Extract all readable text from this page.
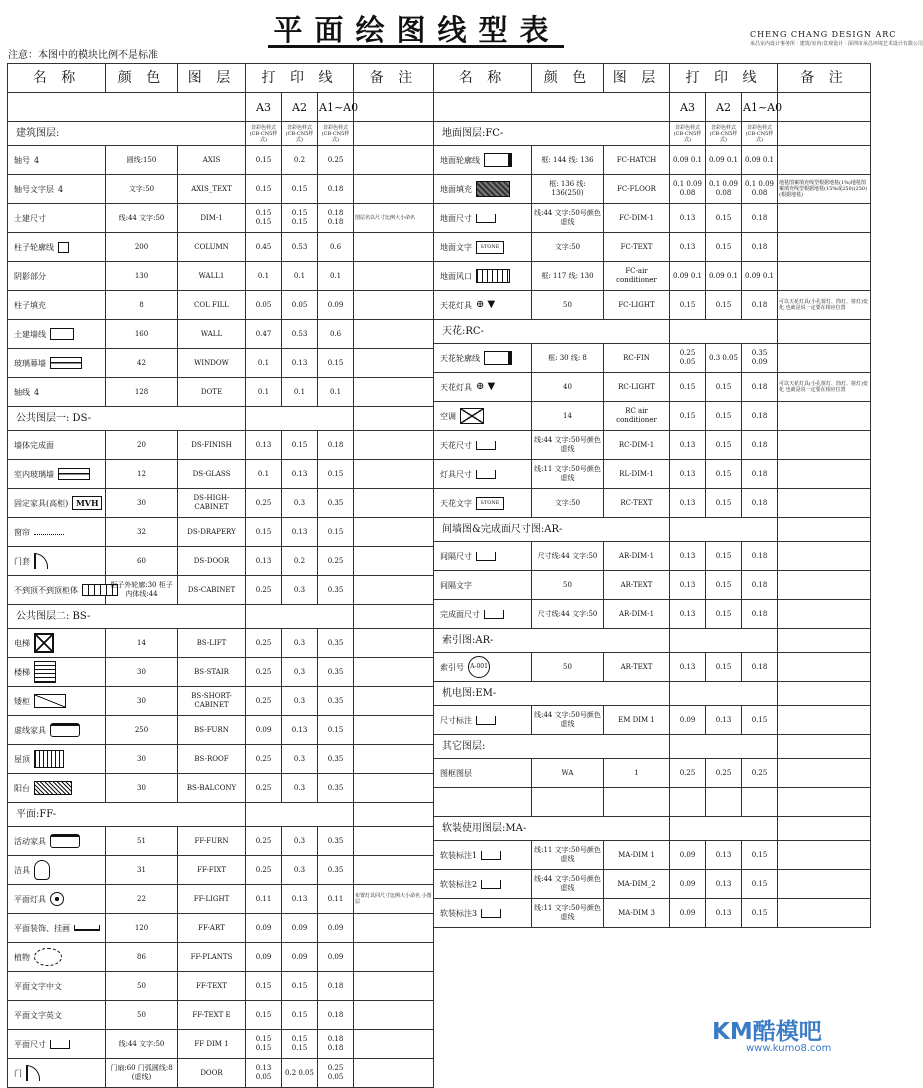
平面绘图线型表	CHENG CHANG DESIGN ARC
承昌室内设计事务所 · 建筑/室内/景观设计 · 深圳市承昌环境艺术设计有限公司
注意：本图中的模块比例不是标准
名 称	颜 色	图 层	打 印 线			备 注
			A3	A2	A1~A0	
建筑图层:			非彩色样式(CB-CN5样式)	非彩色样式(CB-CN5样式)	非彩色样式(CB-CN5样式)	

轴号 4	圆线:150	AXIS	0.15	0.2	0.25	

轴号文字层 4	文字:50	AXIS_TEXT	0.15	0.15	0.18	

土建尺寸	线:44 文字:50	DIM-1	0.15 0.15	0.15 0.15	0.18 0.18	图层名以尺寸比例大小命名

柱子轮廓线	200	COLUMN	0.45	0.53	0.6	

阴影部分	130	WALL1	0.1	0.1	0.1	

柱子填充	8	COL FILL	0.05	0.05	0.09	

土建墙线	160	WALL	0.47	0.53	0.6	

玻璃幕墙	42	WINDOW	0.1	0.13	0.15	

轴线 4	128	DOTE	0.1	0.1	0.1	
公共图层一: DS-						

墙体完成面	20	DS-FINISH	0.13	0.15	0.18	

室内玻璃墙	12	DS-GLASS	0.1	0.13	0.15	

固定家具(高柜) MVH	30	DS-HIGH-CABINET	0.25	0.3	0.35	

窗帘	32	DS-DRAPERY	0.15	0.13	0.15	

门套	60	DS-DOOR	0.13	0.2	0.25	

不到顶不到顶柜体	柜子外轮廓:30 柜子内体线:44	DS-CABINET	0.25	0.3	0.35	
公共图层二: BS-						

电梯	14	BS-LIFT	0.25	0.3	0.35	

楼梯	30	BS-STAIR	0.25	0.3	0.35	

矮柜	30	BS-SHORT-CABINET	0.25	0.3	0.35	

虚线家具	250	BS-FURN	0.09	0.13	0.15	

屋顶	30	BS-ROOF	0.25	0.3	0.35	

阳台	30	BS-BALCONY	0.25	0.3	0.35	
平面:FF-						

活动家具	51	FF-FURN	0.25	0.3	0.35	

洁具	31	FF-FIXT	0.25	0.3	0.35	

平面灯具	22	FF-LIGHT	0.11	0.13	0.11	布置灯具同尺寸比例大小命名 小图层

平面装饰、挂画	120	FF-ART	0.09	0.09	0.09	

植物	86	FF-PLANTS	0.09	0.09	0.09	

平面文字中文	50	FF-TEXT	0.15	0.15	0.18	

平面文字英文	50	FF-TEXT E	0.15	0.15	0.18	

平面尺寸	线:44 文字:50	FF DIM 1	0.15 0.15	0.15 0.15	0.18 0.18	

门	门扇:60 门弧圆线:8 (虚线)	DOOR	0.13 0.05	0.2 0.05	0.25 0.05	
名 称	颜 色	图 层	打 印 线			备 注
			A3	A2	A1~A0	
地面图层:FC-			非彩色样式(CB-CN5样式)	非彩色样式(CB-CN5样式)	非彩色样式(CB-CN5样式)	

地面轮廓线	框: 144 线: 136	FC-HATCH	0.09 0.1	0.09 0.1	0.09 0.1	

地面填充	框: 136 线: 136(250)	FC-FLOOR	0.1 0.09 0.08	0.1 0.09 0.08	0.1 0.09 0.08	地毯图案填充线型根据地毯(1%)地毯图案填充线型根据地毯(15%或250)(250)(根据地毯)

地面尺寸	线:44 文字:50号颜色 虚线	FC-DIM-1	0.13	0.15	0.18	

地面文字 STONE	文字:50	FC-TEXT	0.13	0.15	0.18	

地面风口	框: 117 线: 130	FC-air conditioner	0.09 0.1	0.09 0.1	0.09 0.1	

天花灯具 ⊕ ▼	50	FC-LIGHT	0.15	0.15	0.18	可以天花灯具(小孔射灯、筒灯、射灯)变化 也就是说一定要在相应位置
天花:RC-						

天花轮廓线	框: 30 线: 8	RC-FIN	0.25 0.05	0.3 0.05	0.35 0.09	

天花灯具 ⊕ ▼	40	RC-LIGHT	0.15	0.15	0.18	可以天花灯具(小孔射灯、筒灯、射灯)变化 也就是说一定要在相应位置

空调	14	RC air conditioner	0.15	0.15	0.18	

天花尺寸	线:44 文字:50号颜色 虚线	RC-DIM-1	0.13	0.15	0.18	

灯具尺寸	线:11 文字:50号颜色 虚线	RL-DIM-1	0.13	0.15	0.18	

天花文字 STONE	文字:50	RC-TEXT	0.13	0.15	0.18	
间墙图&完成面尺寸图:AR-						

间隔尺寸	尺寸线:44 文字:50	AR-DIM-1	0.13	0.15	0.18	

间隔文字	50	AR-TEXT	0.13	0.15	0.18	

完成面尺寸	尺寸线:44 文字:50	AR-DIM-1	0.13	0.15	0.18	
索引图:AR-						

索引号 A-001	50	AR-TEXT	0.13	0.15	0.18	
机电图:EM-						

尺寸标注	线:44 文字:50号颜色 虚线	EM DIM 1	0.09	0.13	0.15	
其它图层:						

图框图层	WA	1	0.25	0.25	0.25	

软装使用图层:MA-						

软装标注1	线:11 文字:50号颜色 虚线	MA-DIM 1	0.09	0.13	0.15	

软装标注2	线:44 文字:50号颜色 虚线	MA-DIM_2	0.09	0.13	0.15	

软装标注3	线:11 文字:50号颜色 虚线	MA-DIM 3	0.09	0.13	0.15	
KM酷模吧
www.kumo8.com
